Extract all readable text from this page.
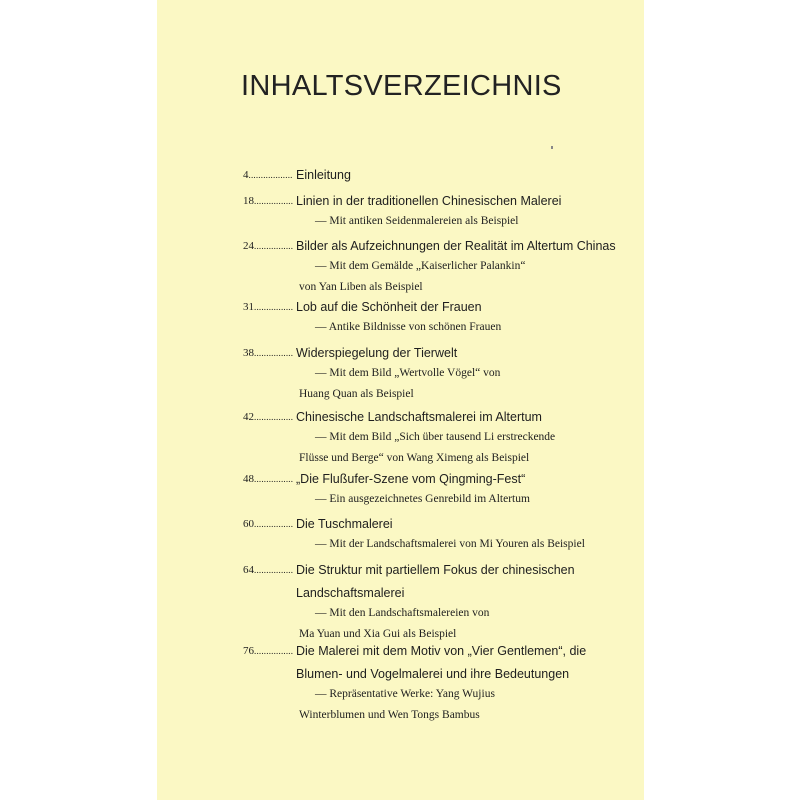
INHALTSVERZEICHNIS
4.................. Einleitung
18................ Linien in der traditionellen Chinesischen Malerei
— Mit antiken Seidenmalereien als Beispiel
24................ Bilder als Aufzeichnungen der Realität im Altertum Chinas
— Mit dem Gemälde „Kaiserlicher Palankin“
von Yan Liben als Beispiel
31................ Lob auf die Schönheit der Frauen
— Antike Bildnisse von schönen Frauen
38................ Widerspiegelung der Tierwelt
— Mit dem Bild „Wertvolle Vögel“ von
Huang Quan als Beispiel
42................ Chinesische Landschaftsmalerei im Altertum
— Mit dem Bild „Sich über tausend Li erstreckende
Flüsse und Berge“ von Wang Ximeng als Beispiel
48................ „Die Flußufer-Szene vom Qingming-Fest“
— Ein ausgezeichnetes Genrebild im Altertum
60................ Die Tuschmalerei
— Mit der Landschaftsmalerei von Mi Youren als Beispiel
64................ Die Struktur mit partiellem Fokus der chinesischen
Landschaftsmalerei
— Mit den Landschaftsmalereien von
Ma Yuan und Xia Gui als Beispiel
76................ Die Malerei mit dem Motiv von „Vier Gentlemen“, die
Blumen- und Vogelmalerei und ihre Bedeutungen
— Repräsentative Werke: Yang Wujius
Winterblumen und Wen Tongs Bambus
